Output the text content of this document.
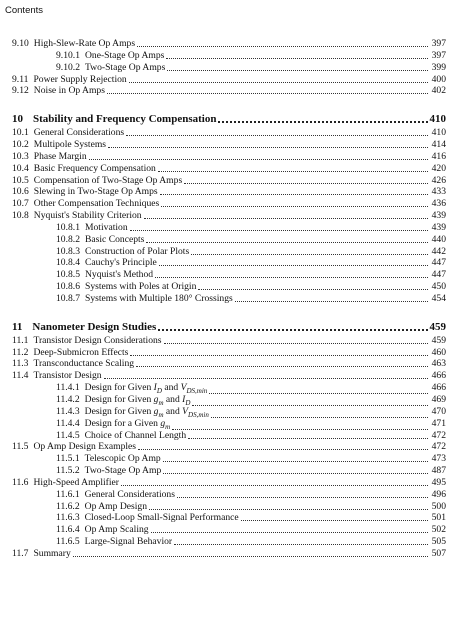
Contents
9.10 High-Slew-Rate Op Amps	397
9.10.1 One-Stage Op Amps	397
9.10.2 Two-Stage Op Amps	399
9.11 Power Supply Rejection	400
9.12 Noise in Op Amps	402
10 Stability and Frequency Compensation	410
10.1 General Considerations	410
10.2 Multipole Systems	414
10.3 Phase Margin	416
10.4 Basic Frequency Compensation	420
10.5 Compensation of Two-Stage Op Amps	426
10.6 Slewing in Two-Stage Op Amps	433
10.7 Other Compensation Techniques	436
10.8 Nyquist's Stability Criterion	439
10.8.1 Motivation	439
10.8.2 Basic Concepts	440
10.8.3 Construction of Polar Plots	442
10.8.4 Cauchy's Principle	447
10.8.5 Nyquist's Method	447
10.8.6 Systems with Poles at Origin	450
10.8.7 Systems with Multiple 180° Crossings	454
11 Nanometer Design Studies	459
11.1 Transistor Design Considerations	459
11.2 Deep-Submicron Effects	460
11.3 Transconductance Scaling	463
11.4 Transistor Design	466
11.4.1 Design for Given $I_D$ and $V_{DS,min}$	466
11.4.2 Design for Given $g_m$ and $I_D$	469
11.4.3 Design for Given $g_m$ and $V_{DS,min}$	470
11.4.4 Design for a Given $g_m$	471
11.4.5 Choice of Channel Length	472
11.5 Op Amp Design Examples	472
11.5.1 Telescopic Op Amp	473
11.5.2 Two-Stage Op Amp	487
11.6 High-Speed Amplifier	495
11.6.1 General Considerations	496
11.6.2 Op Amp Design	500
11.6.3 Closed-Loop Small-Signal Performance	501
11.6.4 Op Amp Scaling	502
11.6.5 Large-Signal Behavior	505
11.7 Summary	507
